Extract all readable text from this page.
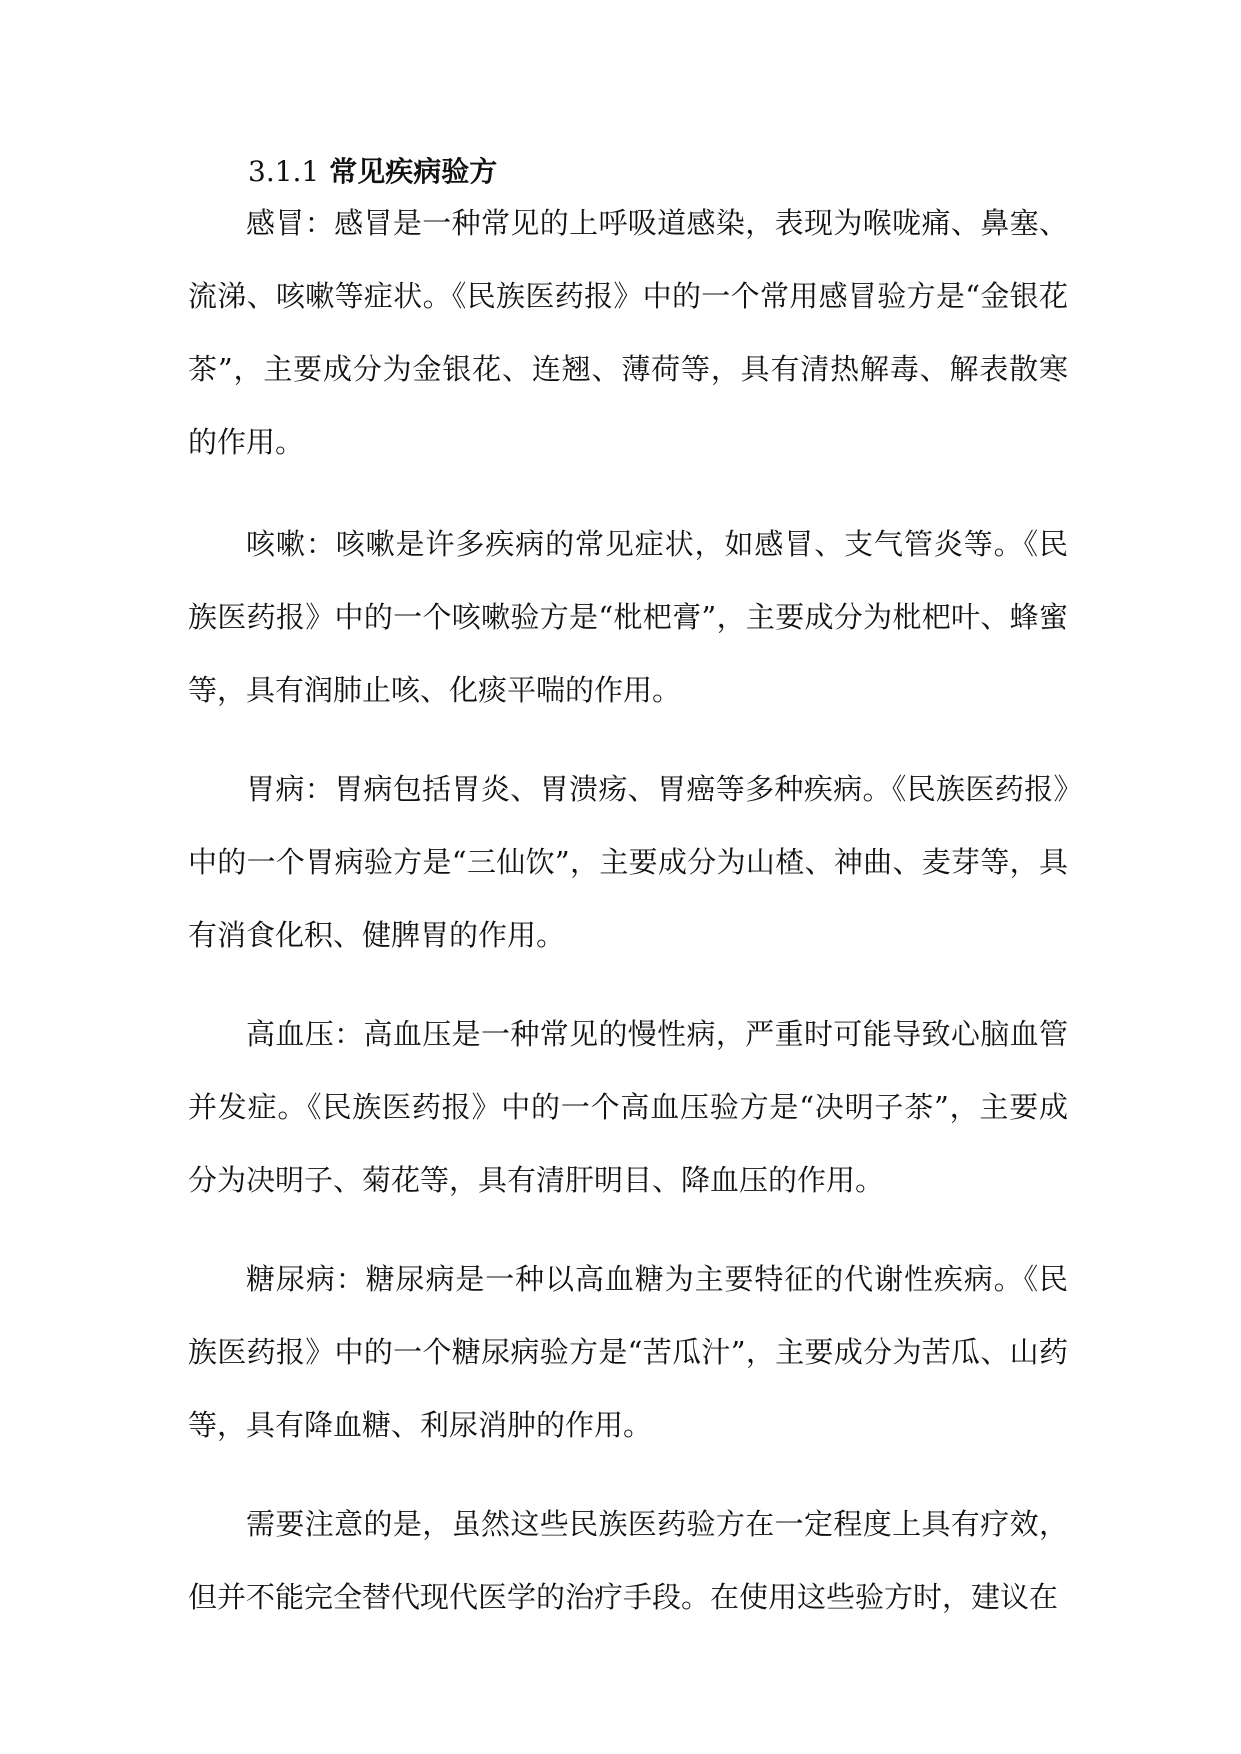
3.1.1 常见疾病验方

感冒：感冒是一种常见的上呼吸道感染，表现为喉咙痛、鼻塞、流涕、咳嗽等症状。《民族医药报》中的一个常用感冒验方是“金银花茶”，主要成分为金银花、连翘、薄荷等，具有清热解毒、解表散寒的作用。

咳嗽：咳嗽是许多疾病的常见症状，如感冒、支气管炎等。《民族医药报》中的一个咳嗽验方是“枇杷膏”，主要成分为枇杷叶、蜂蜜等，具有润肺止咳、化痰平喘的作用。

胃病：胃病包括胃炎、胃溃疡、胃癌等多种疾病。《民族医药报》中的一个胃病验方是“三仙饮”，主要成分为山楂、神曲、麦芽等，具有消食化积、健脾胃的作用。

高血压：高血压是一种常见的慢性病，严重时可能导致心脑血管并发症。《民族医药报》中的一个高血压验方是“决明子茶”，主要成分为决明子、菊花等，具有清肝明目、降血压的作用。

糖尿病：糖尿病是一种以高血糖为主要特征的代谢性疾病。《民族医药报》中的一个糖尿病验方是“苦瓜汁”，主要成分为苦瓜、山药等，具有降血糖、利尿消肿的作用。

需要注意的是，虽然这些民族医药验方在一定程度上具有疗效，但并不能完全替代现代医学的治疗手段。在使用这些验方时，建议在
